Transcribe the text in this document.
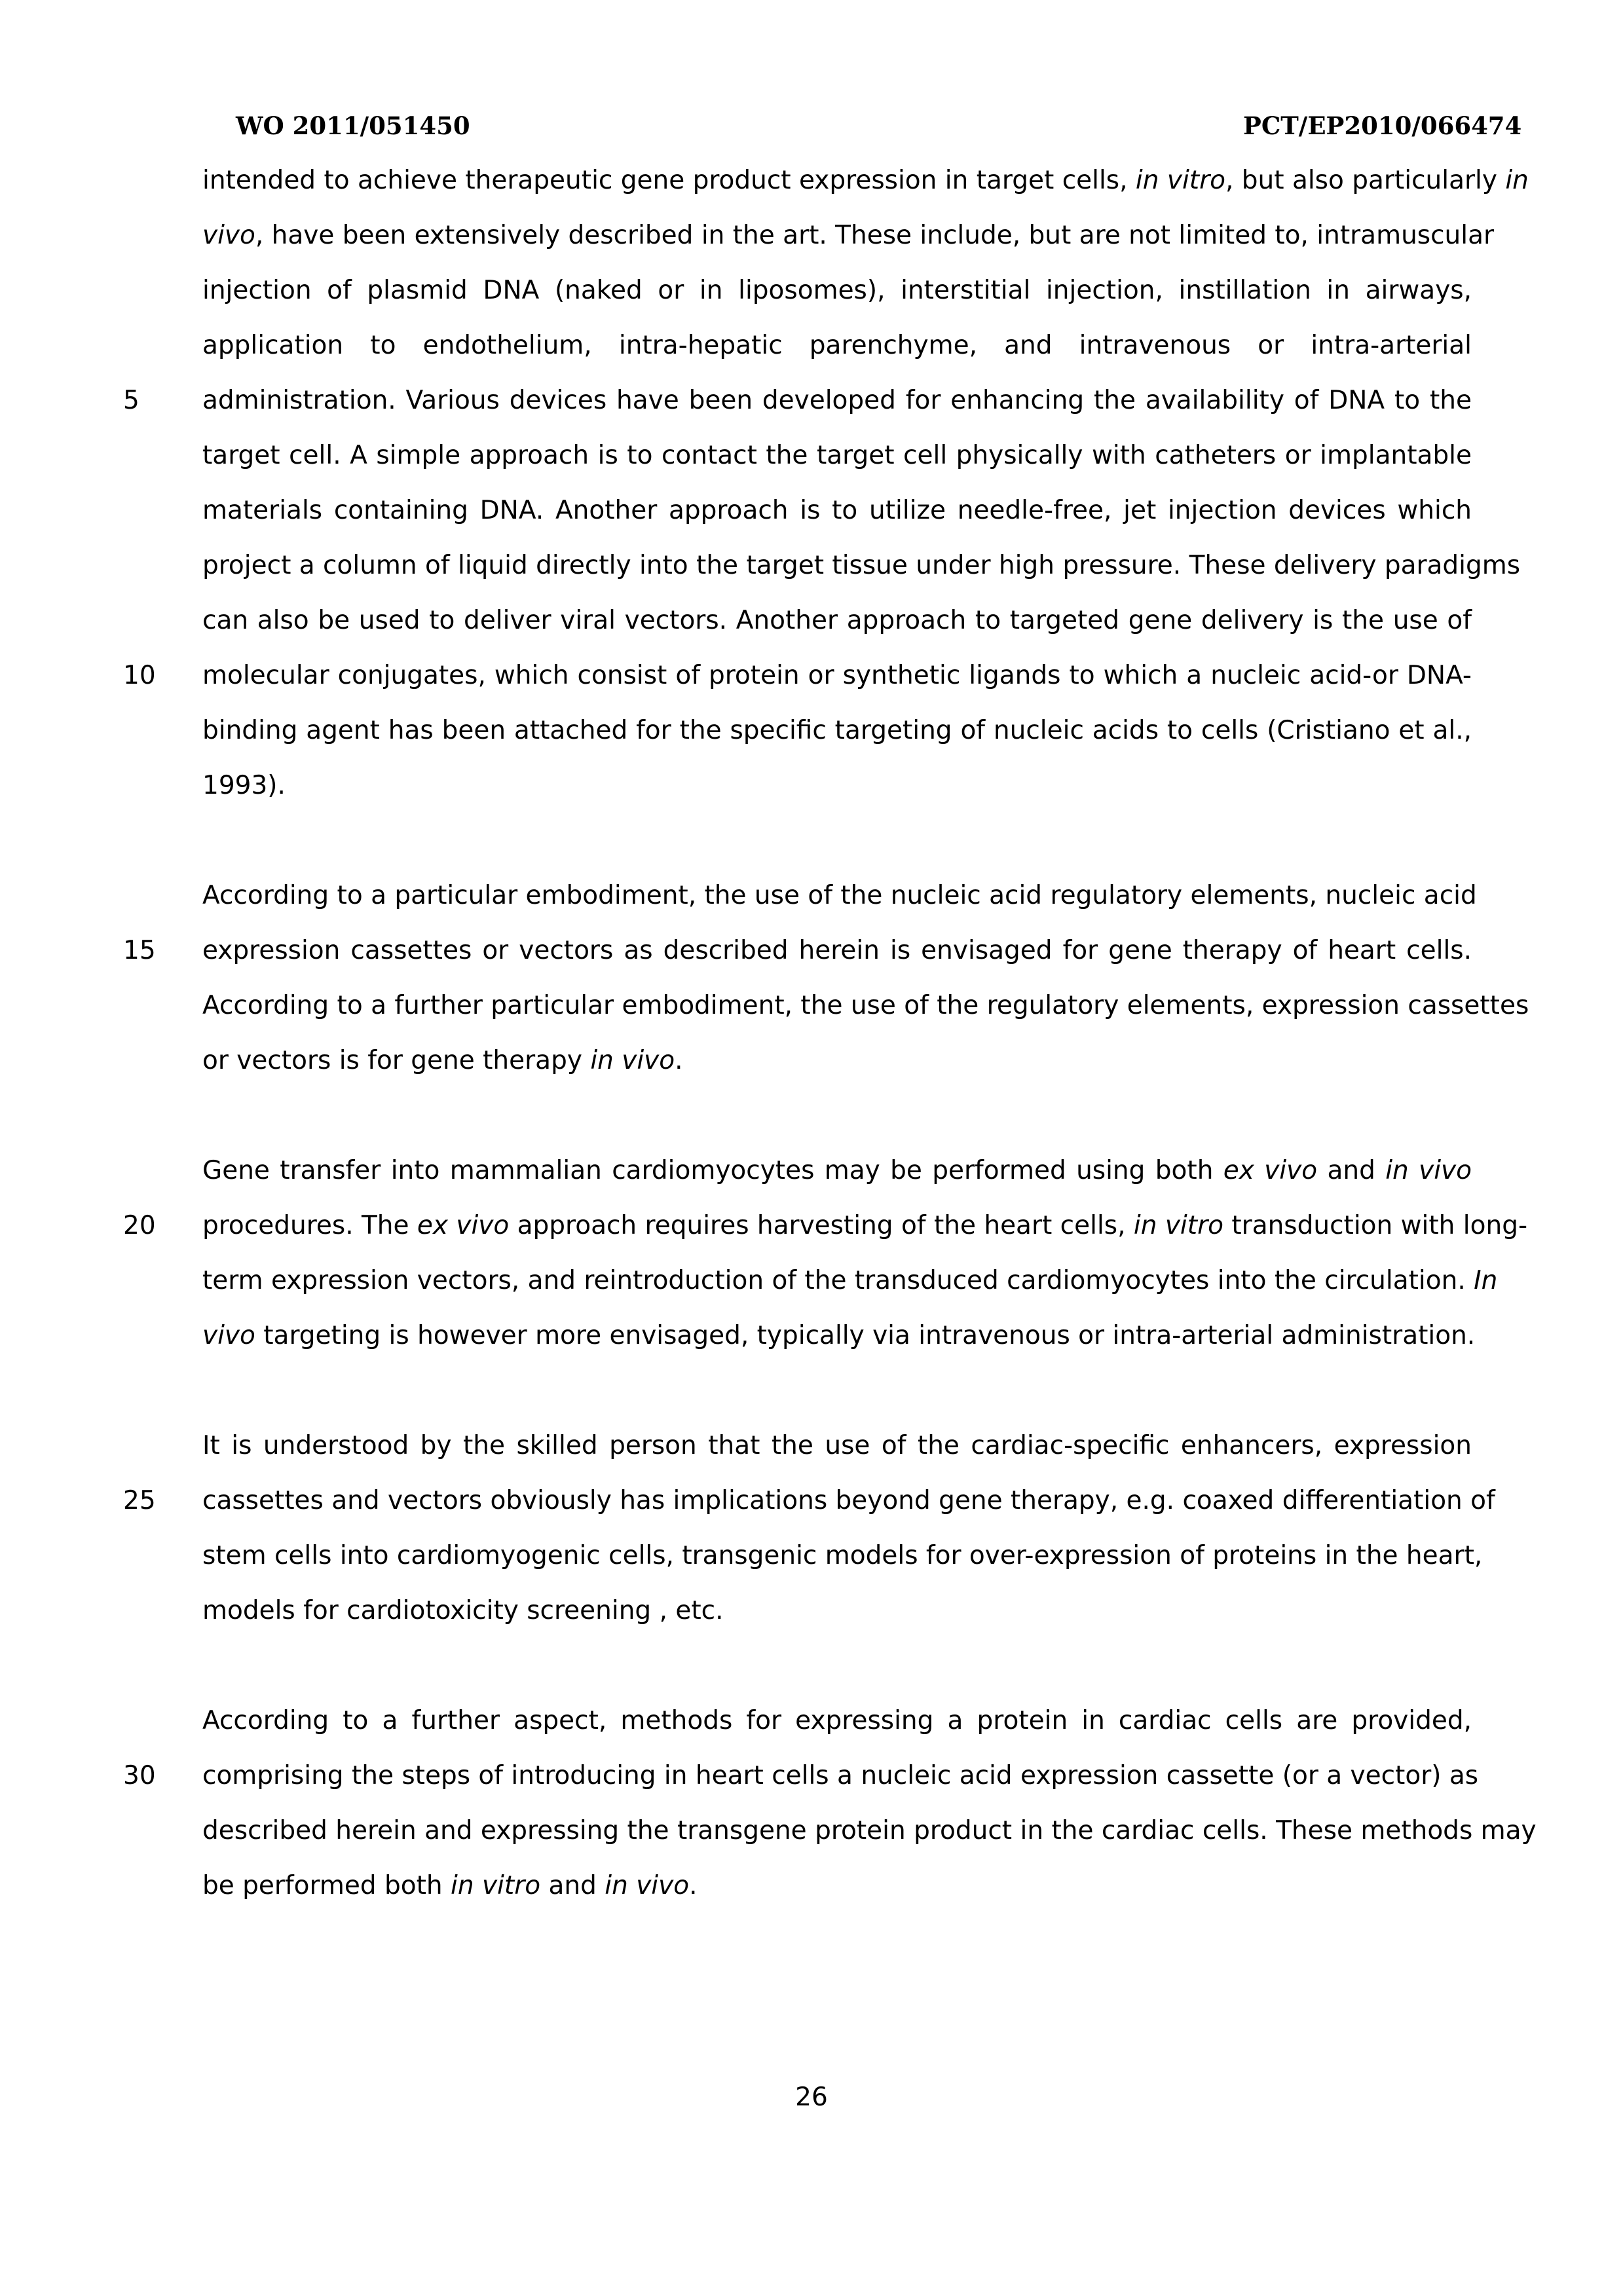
WO 2011/051450	PCT/EP2010/066474
intended to achieve therapeutic gene product expression in target cells, in vitro, but also particularly in
vivo, have been extensively described in the art. These include, but are not limited to, intramuscular
injection of plasmid DNA (naked or in liposomes), interstitial injection, instillation in airways,
application to endothelium, intra-hepatic parenchyme, and intravenous or intra-arterial
administration. Various devices have been developed for enhancing the availability of DNA to the
target cell. A simple approach is to contact the target cell physically with catheters or implantable
materials containing DNA. Another approach is to utilize needle-free, jet injection devices which
project a column of liquid directly into the target tissue under high pressure. These delivery paradigms
can also be used to deliver viral vectors. Another approach to targeted gene delivery is the use of
molecular conjugates, which consist of protein or synthetic ligands to which a nucleic acid-or DNA-
binding agent has been attached for the specific targeting of nucleic acids to cells (Cristiano et al.,
1993).
According to a particular embodiment, the use of the nucleic acid regulatory elements, nucleic acid
expression cassettes or vectors as described herein is envisaged for gene therapy of heart cells.
According to a further particular embodiment, the use of the regulatory elements, expression cassettes
or vectors is for gene therapy in vivo.
Gene transfer into mammalian cardiomyocytes may be performed using both ex vivo and in vivo
procedures. The ex vivo approach requires harvesting of the heart cells, in vitro transduction with long-
term expression vectors, and reintroduction of the transduced cardiomyocytes into the circulation. In
vivo targeting is however more envisaged, typically via intravenous or intra-arterial administration.
It is understood by the skilled person that the use of the cardiac-specific enhancers, expression
cassettes and vectors obviously has implications beyond gene therapy, e.g. coaxed differentiation of
stem cells into cardiomyogenic cells, transgenic models for over-expression of proteins in the heart,
models for cardiotoxicity screening , etc.
According to a further aspect, methods for expressing a protein in cardiac cells are provided,
comprising the steps of introducing in heart cells a nucleic acid expression cassette (or a vector) as
described herein and expressing the transgene protein product in the cardiac cells. These methods may
be performed both in vitro and in vivo.
5
10
15
20
25
30
26
